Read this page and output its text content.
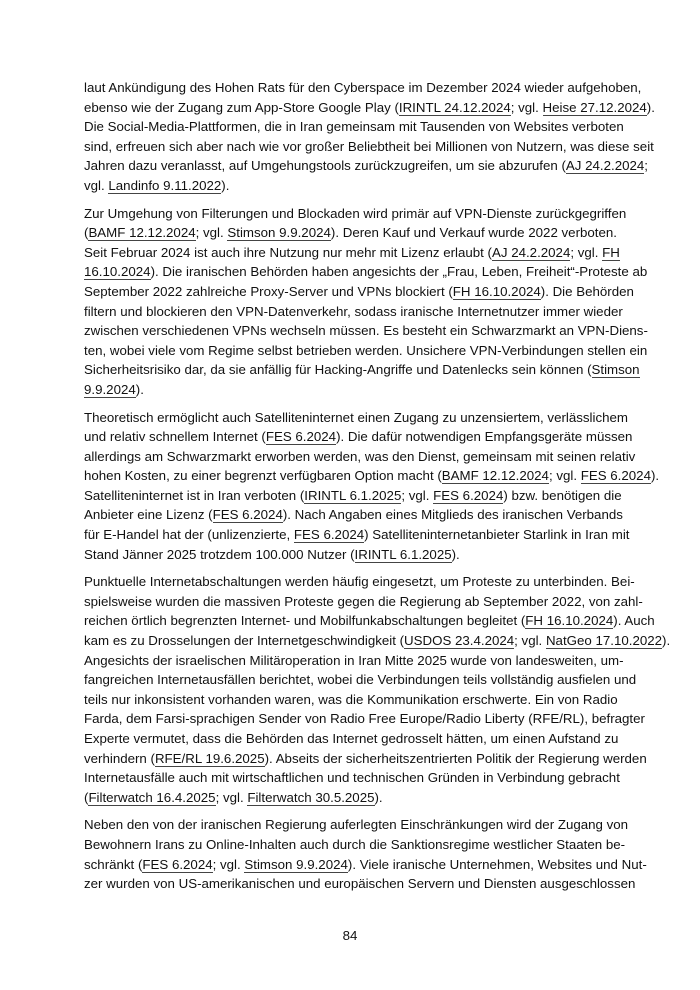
laut Ankündigung des Hohen Rats für den Cyberspace im Dezember 2024 wieder aufgehoben,
ebenso wie der Zugang zum App-Store Google Play (IRINTL 24.12.2024; vgl. Heise 27.12.2024).
Die Social-Media-Plattformen, die in Iran gemeinsam mit Tausenden von Websites verboten
sind, erfreuen sich aber nach wie vor großer Beliebtheit bei Millionen von Nutzern, was diese seit
Jahren dazu veranlasst, auf Umgehungstools zurückzugreifen, um sie abzurufen (AJ 24.2.2024;
vgl. Landinfo 9.11.2022).
Zur Umgehung von Filterungen und Blockaden wird primär auf VPN-Dienste zurückgegriffen
(BAMF 12.12.2024; vgl. Stimson 9.9.2024). Deren Kauf und Verkauf wurde 2022 verboten.
Seit Februar 2024 ist auch ihre Nutzung nur mehr mit Lizenz erlaubt (AJ 24.2.2024; vgl. FH
16.10.2024). Die iranischen Behörden haben angesichts der „Frau, Leben, Freiheit“-Proteste ab
September 2022 zahlreiche Proxy-Server und VPNs blockiert (FH 16.10.2024). Die Behörden
filtern und blockieren den VPN-Datenverkehr, sodass iranische Internetnutzer immer wieder
zwischen verschiedenen VPNs wechseln müssen. Es besteht ein Schwarzmarkt an VPN-Diens-
ten, wobei viele vom Regime selbst betrieben werden. Unsichere VPN-Verbindungen stellen ein
Sicherheitsrisiko dar, da sie anfällig für Hacking-Angriffe und Datenlecks sein können (Stimson
9.9.2024).
Theoretisch ermöglicht auch Satelliteninternet einen Zugang zu unzensiertem, verlässlichem
und relativ schnellem Internet (FES 6.2024). Die dafür notwendigen Empfangsgeräte müssen
allerdings am Schwarzmarkt erworben werden, was den Dienst, gemeinsam mit seinen relativ
hohen Kosten, zu einer begrenzt verfügbaren Option macht (BAMF 12.12.2024; vgl. FES 6.2024).
Satelliteninternet ist in Iran verboten (IRINTL 6.1.2025; vgl. FES 6.2024) bzw. benötigen die
Anbieter eine Lizenz (FES 6.2024). Nach Angaben eines Mitglieds des iranischen Verbands
für E-Handel hat der (unlizenzierte, FES 6.2024) Satelliteninternetanbieter Starlink in Iran mit
Stand Jänner 2025 trotzdem 100.000 Nutzer (IRINTL 6.1.2025).
Punktuelle Internetabschaltungen werden häufig eingesetzt, um Proteste zu unterbinden. Bei-
spielsweise wurden die massiven Proteste gegen die Regierung ab September 2022, von zahl-
reichen örtlich begrenzten Internet- und Mobilfunkabschaltungen begleitet (FH 16.10.2024). Auch
kam es zu Drosselungen der Internetgeschwindigkeit (USDOS 23.4.2024; vgl. NatGeo 17.10.2022).
Angesichts der israelischen Militäroperation in Iran Mitte 2025 wurde von landesweiten, um-
fangreichen Internetausfällen berichtet, wobei die Verbindungen teils vollständig ausfielen und
teils nur inkonsistent vorhanden waren, was die Kommunikation erschwerte. Ein von Radio
Farda, dem Farsi-sprachigen Sender von Radio Free Europe/Radio Liberty (RFE/RL), befragter
Experte vermutet, dass die Behörden das Internet gedrosselt hätten, um einen Aufstand zu
verhindern (RFE/RL 19.6.2025). Abseits der sicherheitszentrierten Politik der Regierung werden
Internetausfälle auch mit wirtschaftlichen und technischen Gründen in Verbindung gebracht
(Filterwatch 16.4.2025; vgl. Filterwatch 30.5.2025).
Neben den von der iranischen Regierung auferlegten Einschränkungen wird der Zugang von
Bewohnern Irans zu Online-Inhalten auch durch die Sanktionsregime westlicher Staaten be-
schränkt (FES 6.2024; vgl. Stimson 9.9.2024). Viele iranische Unternehmen, Websites und Nut-
zer wurden von US-amerikanischen und europäischen Servern und Diensten ausgeschlossen
84
